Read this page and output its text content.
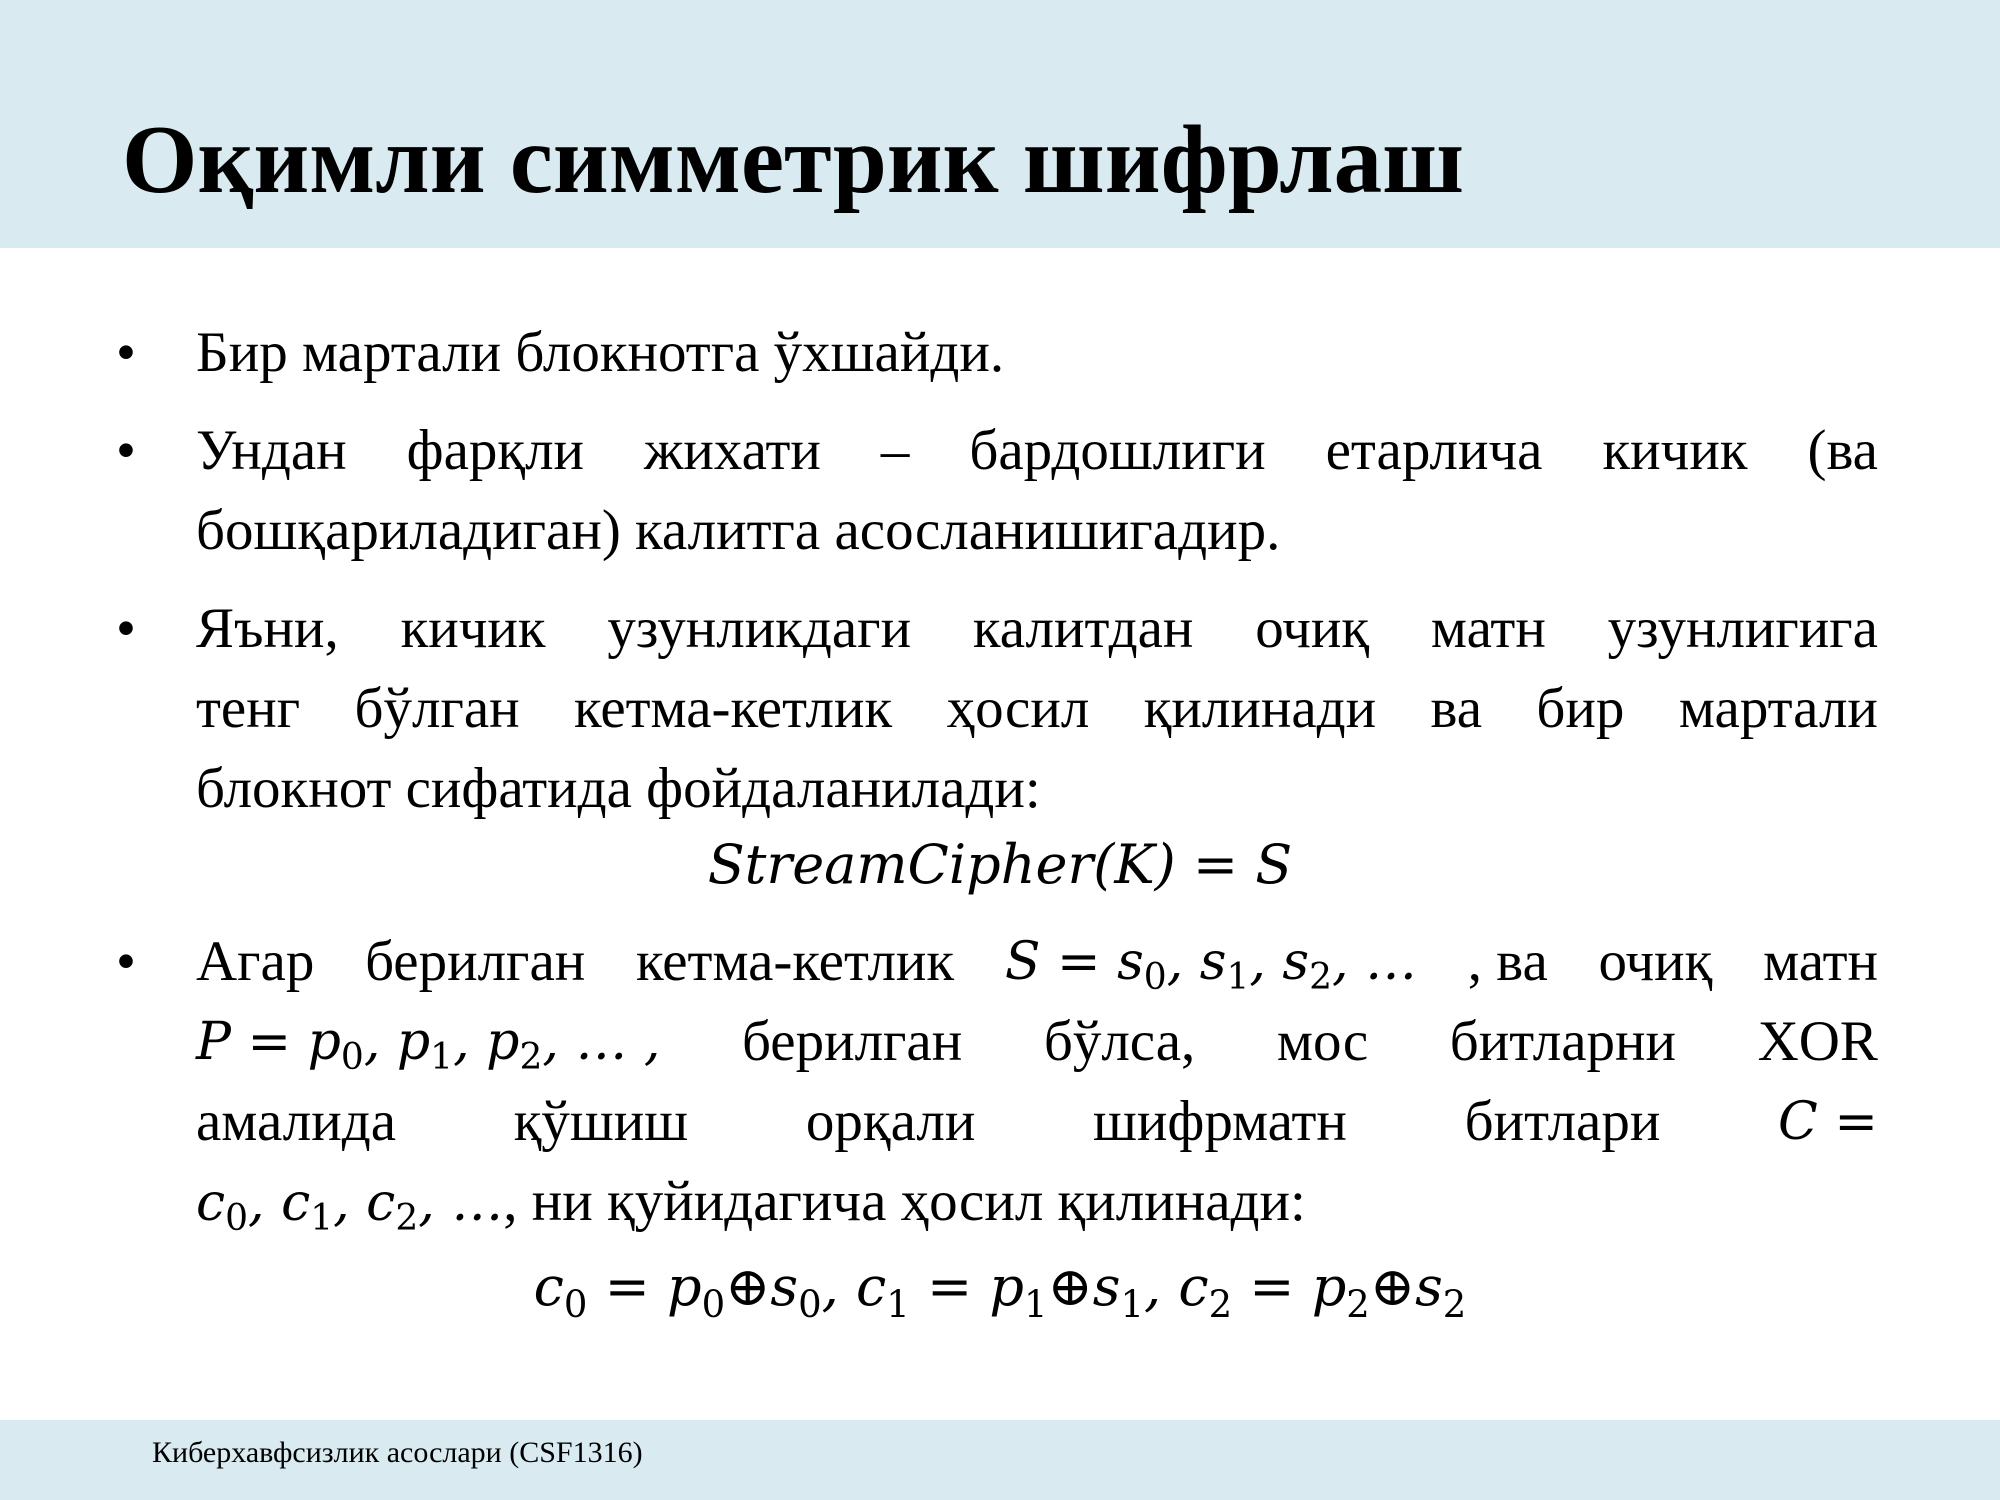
Оқимли симметрик шифрлаш
• Бир мартали блокнотга ўхшайди.
• Ундан фарқли жихати – бардошлиги етарлича кичик (ва
бошқариладиган) калитга асосланишигадир.
• Яъни, кичик узунликдаги калитдан очиқ матн узунлигига
тенг бўлган кетма-кетлик ҳосил қилинади ва бир мартали
блокнот сифатида фойдаланилади:
StreamCipher(K) = S
• Агар берилган кетма-кетлик $S = s_0$, $s_1$, $s_2$, … , ва очиқ матн
$P = p_0$, $p_1$, $p_2$, … , берилган бўлса, мос битларни XOR
амалида қўшиш орқали шифрматн битлари C =
$c_0$, $c_1$, $c_2$, …, ни қуйидагича ҳосил қилинади:
$c_0$ = $p_0\oplus s_0$, $c_1$ = $p_1\oplus s_1$, $c_2$ = $p_2\oplus s_2$
Киберхавфсизлик асослари (CSF1316)
